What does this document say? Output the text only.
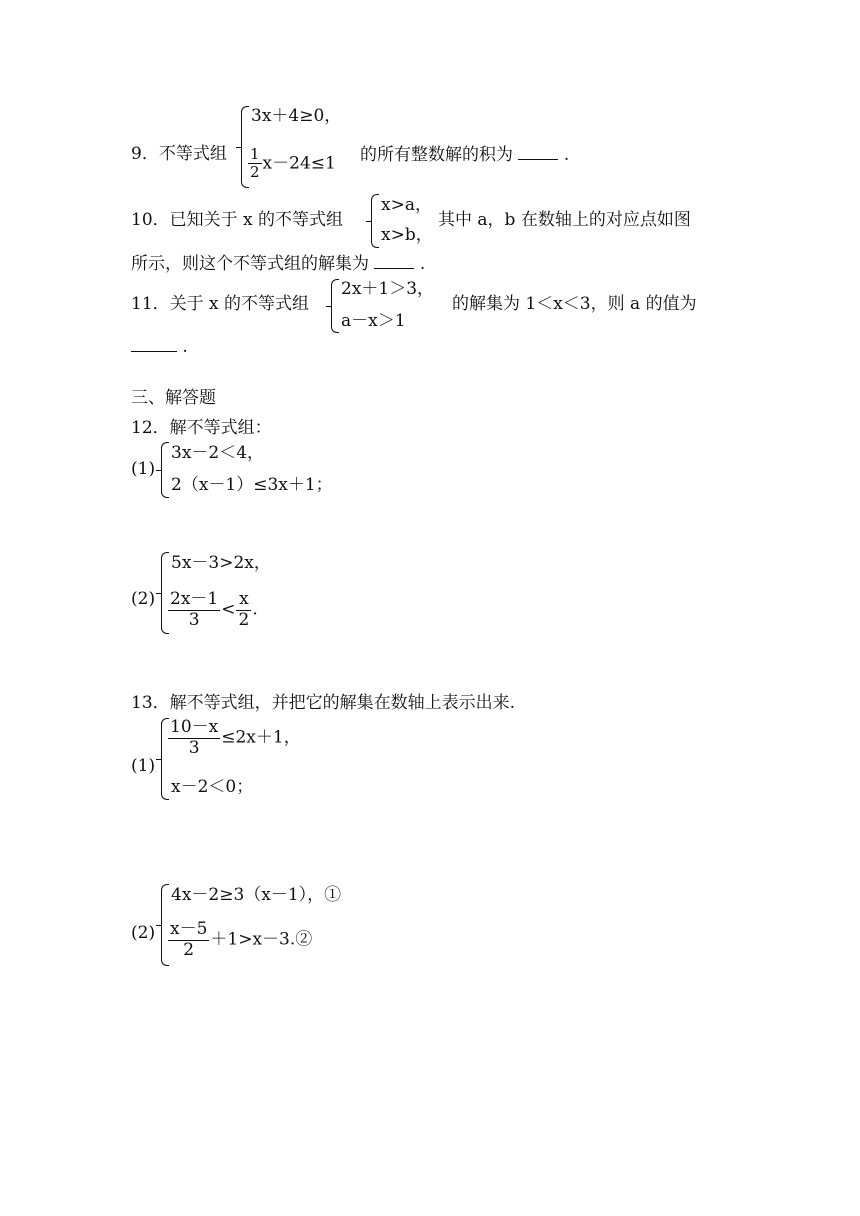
9．不等式组
3x＋4≥0，
$\frac{1}{2} x-24\le 1$ 的所有整数解的积为	.
10．已知关于 x 的不等式组
x>a，
x>b，
其中 a，b 在数轴上的对应点如图
所示，则这个不等式组的解集为	.
11．关于 x 的不等式组
2x＋1＞3，
a－x＞1
的解集为 1＜x＜3，则 a 的值为
.
三、解答题
12．解不等式组：
(1)
3x－2＜4，
2（x－1）≤3x＋1；
(2)
5x－3>2x，
$\frac{2x-1}{3} < \frac{x}{2}$ .
13．解不等式组，并把它的解集在数轴上表示出来.
(1)
$\frac{10-x}{3} \le 2x+1$，
x－2＜0；
(2)
4x－2≥3（x－1），①
$\frac{x-5}{2}$ ＋1>x－3.②
